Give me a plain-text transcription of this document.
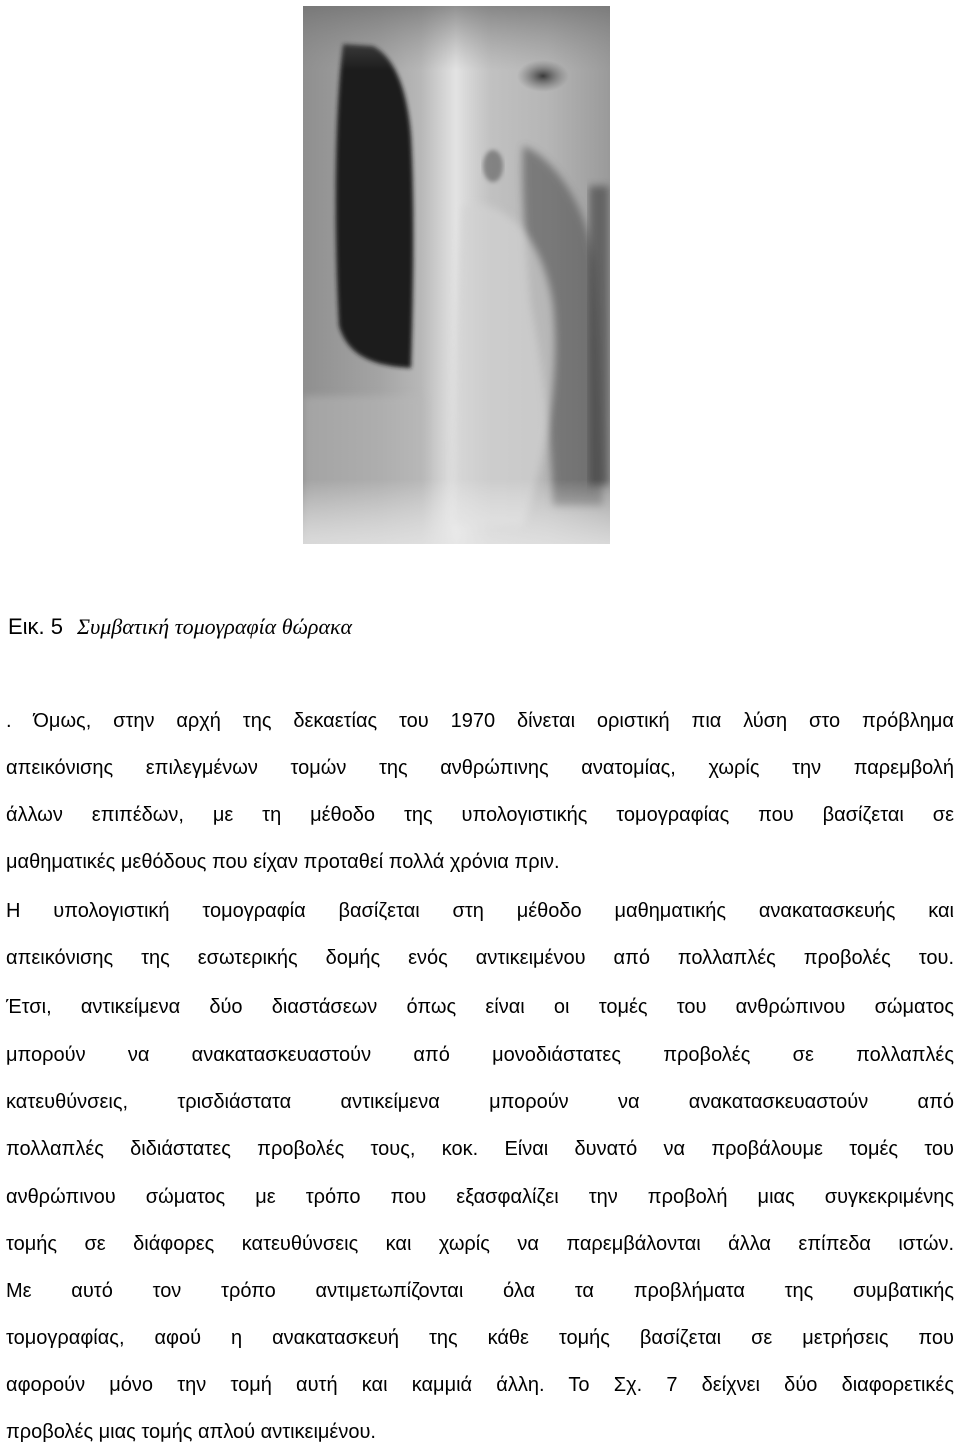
Εικ. 5 Συμβατική τομογραφία θώρακα
. Όμως, στην αρχή της δεκαετίας του 1970 δίνεται οριστική πια λύση στο πρόβλημα
απεικόνισης επιλεγμένων τομών της ανθρώπινης ανατομίας, χωρίς την παρεμβολή
άλλων επιπέδων, με τη μέθοδο της υπολογιστικής τομογραφίας που βασίζεται σε
μαθηματικές μεθόδους που είχαν προταθεί πολλά χρόνια πριν.
Η υπολογιστική τομογραφία βασίζεται στη μέθοδο μαθηματικής ανακατασκευής και
απεικόνισης της εσωτερικής δομής ενός αντικειμένου από πολλαπλές προβολές του.
Έτσι, αντικείμενα δύο διαστάσεων όπως είναι οι τομές του ανθρώπινου σώματος
μπορούν να ανακατασκευαστούν από μονοδιάστατες προβολές σε πολλαπλές
κατευθύνσεις, τρισδιάστατα αντικείμενα μπορούν να ανακατασκευαστούν από
πολλαπλές διδιάστατες προβολές τους, κοκ. Είναι δυνατό να προβάλουμε τομές του
ανθρώπινου σώματος με τρόπο που εξασφαλίζει την προβολή μιας συγκεκριμένης
τομής σε διάφορες κατευθύνσεις και χωρίς να παρεμβάλονται άλλα επίπεδα ιστών.
Με αυτό τον τρόπο αντιμετωπίζονται όλα τα προβλήματα της συμβατικής
τομογραφίας, αφού η ανακατασκευή της κάθε τομής βασίζεται σε μετρήσεις που
αφορούν μόνο την τομή αυτή και καμμιά άλλη. Το Σχ. 7 δείχνει δύο διαφορετικές
προβολές μιας τομής απλού αντικειμένου.
